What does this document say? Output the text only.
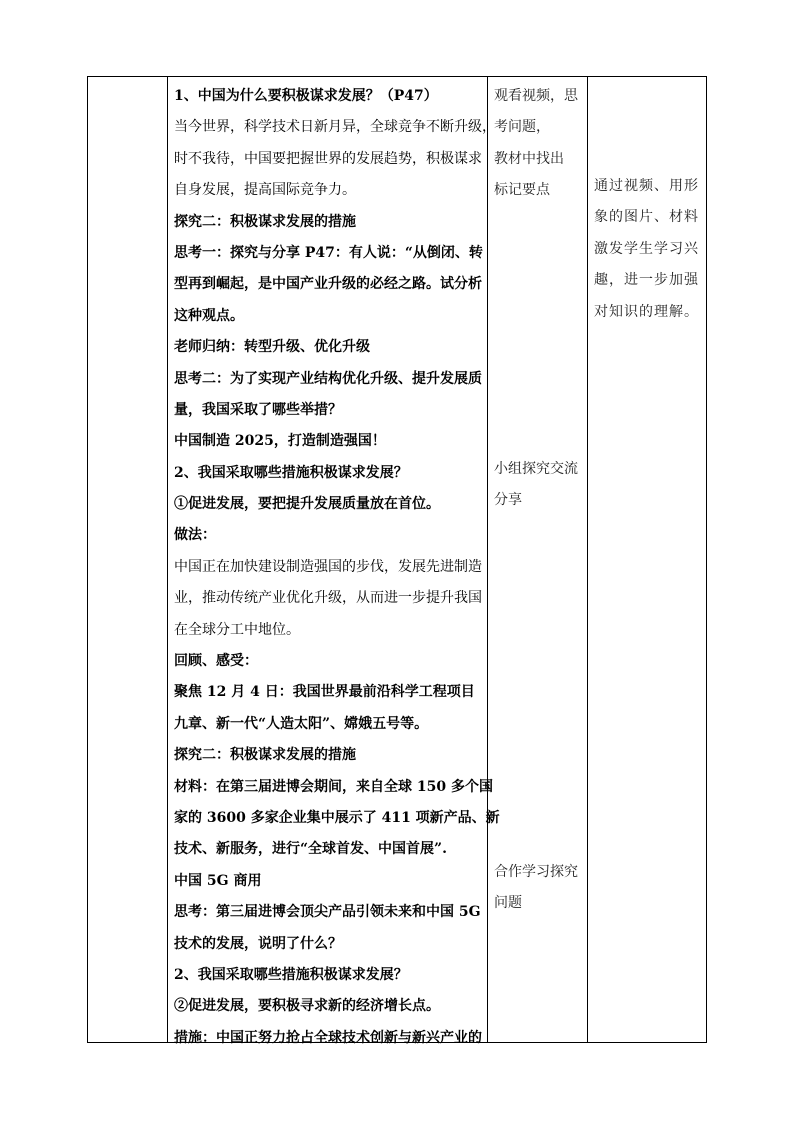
1、中国为什么要积极谋求发展？（P47）
当今世界，科学技术日新月异，全球竞争不断升级，
时不我待，中国要把握世界的发展趋势，积极谋求
自身发展，提高国际竞争力。
探究二：积极谋求发展的措施
思考一：探究与分享 P47：有人说：“从倒闭、转
型再到崛起，是中国产业升级的必经之路。试分析
这种观点。
老师归纳：转型升级、优化升级
思考二：为了实现产业结构优化升级、提升发展质
量，我国采取了哪些举措？
中国制造 2025，打造制造强国！
2、我国采取哪些措施积极谋求发展？
①促进发展，要把提升发展质量放在首位。
做法：
中国正在加快建设制造强国的步伐，发展先进制造
业，推动传统产业优化升级，从而进一步提升我国
在全球分工中地位。
回顾、感受：
聚焦 12 月 4 日：我国世界最前沿科学工程项目
九章、新一代“人造太阳”、嫦娥五号等。
探究二：积极谋求发展的措施
材料：在第三届进博会期间，来自全球 150 多个国
家的 3600 多家企业集中展示了 411 项新产品、新
技术、新服务，进行“全球首发、中国首展”.
中国 5G 商用
思考：第三届进博会顶尖产品引领未来和中国 5G
技术的发展，说明了什么？
2、我国采取哪些措施积极谋求发展？
②促进发展，要积极寻求新的经济增长点。
措施：中国正努力抢占全球技术创新与新兴产业的
观看视频，思
考问题，
教材中找出
标记要点
小组探究交流
分享
合作学习探究
问题
通过视频、用形
象的图片、材料
激发学生学习兴
趣，进一步加强
对知识的理解。
